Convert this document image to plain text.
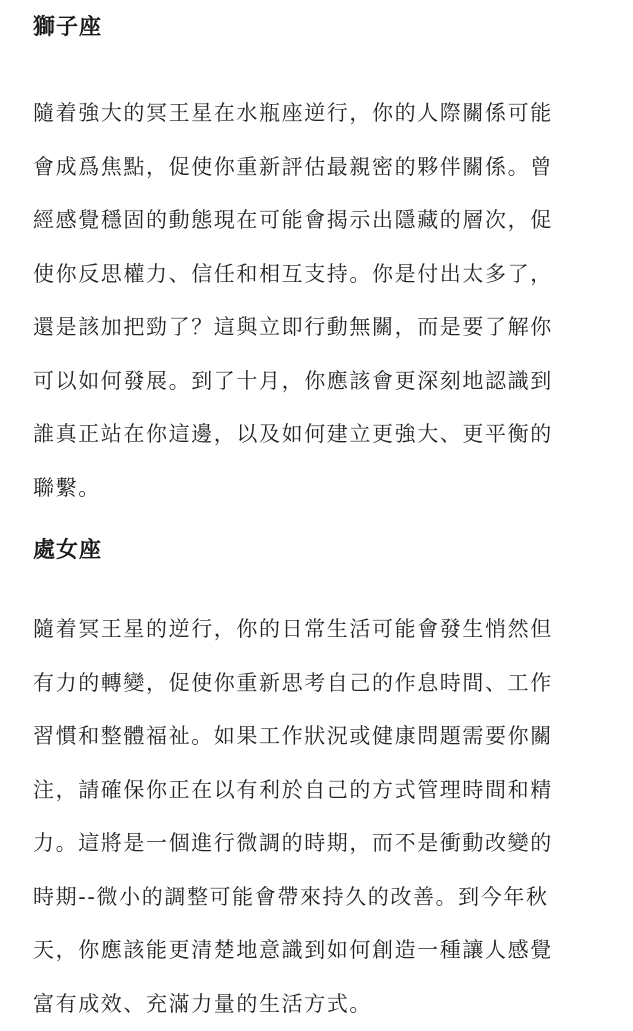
獅子座
隨着強大的冥王星在水瓶座逆行，你的人際關係可能
會成爲焦點，促使你重新評估最親密的夥伴關係。曾
經感覺穩固的動態現在可能會揭示出隱藏的層次，促
使你反思權力、信任和相互支持。你是付出太多了，
還是該加把勁了？這與立即行動無關，而是要了解你
可以如何發展。到了十月，你應該會更深刻地認識到
誰真正站在你這邊，以及如何建立更強大、更平衡的
聯繫。
處女座
隨着冥王星的逆行，你的日常生活可能會發生悄然但
有力的轉變，促使你重新思考自己的作息時間、工作
習慣和整體福祉。如果工作狀況或健康問題需要你關
注，請確保你正在以有利於自己的方式管理時間和精
力。這將是一個進行微調的時期，而不是衝動改變的
時期--微小的調整可能會帶來持久的改善。到今年秋
天，你應該能更清楚地意識到如何創造一種讓人感覺
富有成效、充滿力量的生活方式。
